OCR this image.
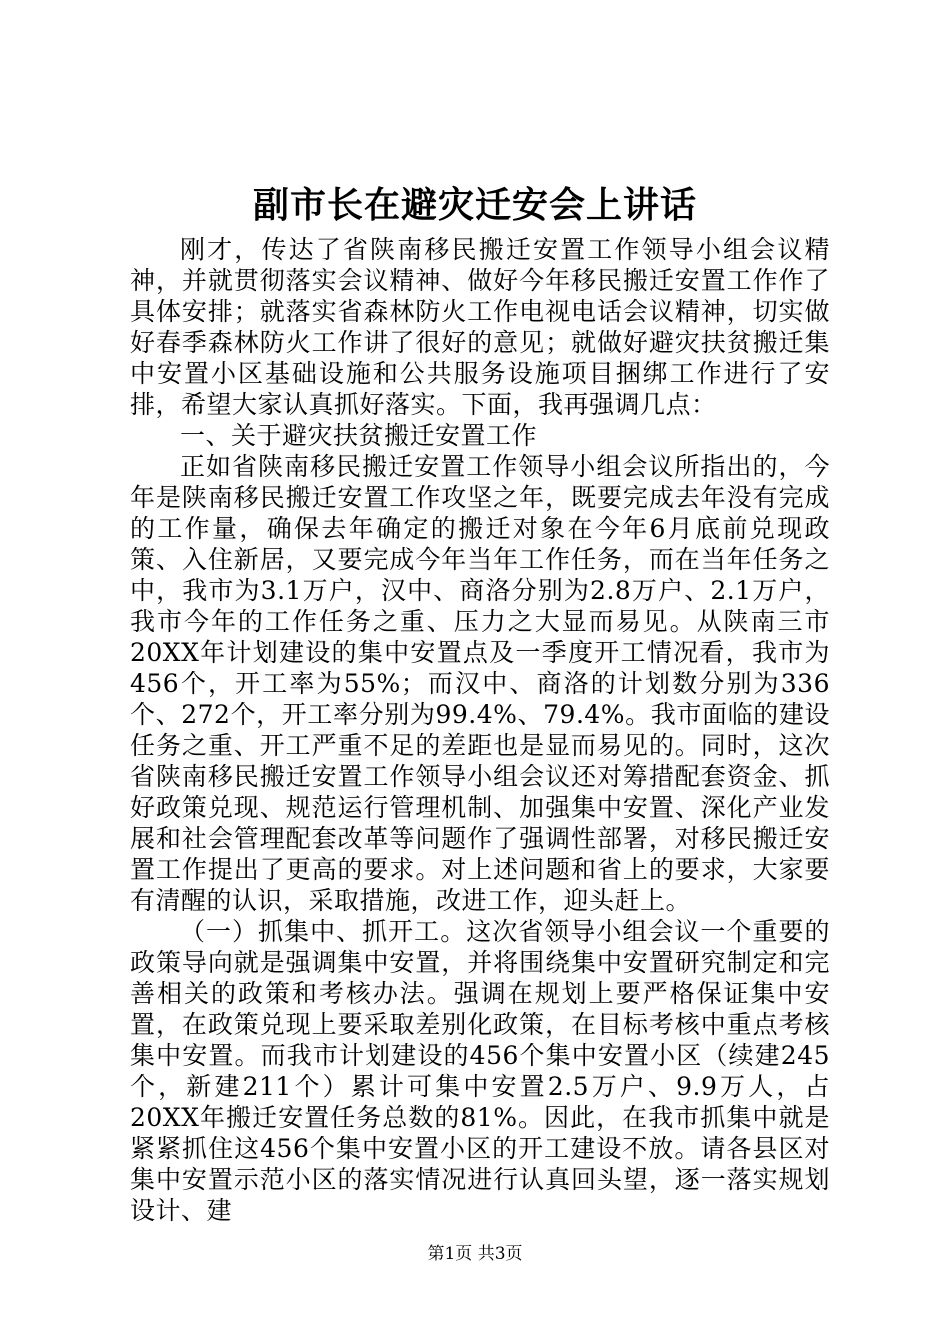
副市长在避灾迁安会上讲话

刚才，传达了省陕南移民搬迁安置工作领导小组会议精神，并就贯彻落实会议精神、做好今年移民搬迁安置工作作了具体安排；就落实省森林防火工作电视电话会议精神，切实做好春季森林防火工作讲了很好的意见；就做好避灾扶贫搬迁集中安置小区基础设施和公共服务设施项目捆绑工作进行了安排，希望大家认真抓好落实。下面，我再强调几点：

一、关于避灾扶贫搬迁安置工作

正如省陕南移民搬迁安置工作领导小组会议所指出的，今年是陕南移民搬迁安置工作攻坚之年，既要完成去年没有完成的工作量，确保去年确定的搬迁对象在今年6月底前兑现政策、入住新居，又要完成今年当年工作任务，而在当年任务之中，我市为3.1万户，汉中、商洛分别为2.8万户、2.1万户，我市今年的工作任务之重、压力之大显而易见。从陕南三市20XX年计划建设的集中安置点及一季度开工情况看，我市为456个，开工率为55%；而汉中、商洛的计划数分别为336个、272个，开工率分别为99.4%、79.4%。我市面临的建设任务之重、开工严重不足的差距也是显而易见的。同时，这次省陕南移民搬迁安置工作领导小组会议还对筹措配套资金、抓好政策兑现、规范运行管理机制、加强集中安置、深化产业发展和社会管理配套改革等问题作了强调性部署，对移民搬迁安置工作提出了更高的要求。对上述问题和省上的要求，大家要有清醒的认识，采取措施，改进工作，迎头赶上。

（一）抓集中、抓开工。这次省领导小组会议一个重要的政策导向就是强调集中安置，并将围绕集中安置研究制定和完善相关的政策和考核办法。强调在规划上要严格保证集中安置，在政策兑现上要采取差别化政策，在目标考核中重点考核集中安置。而我市计划建设的456个集中安置小区（续建245个，新建211个）累计可集中安置2.5万户、9.9万人，占20XX年搬迁安置任务总数的81%。因此，在我市抓集中就是紧紧抓住这456个集中安置小区的开工建设不放。请各县区对集中安置示范小区的落实情况进行认真回头望，逐一落实规划设计、建

第1页 共3页
